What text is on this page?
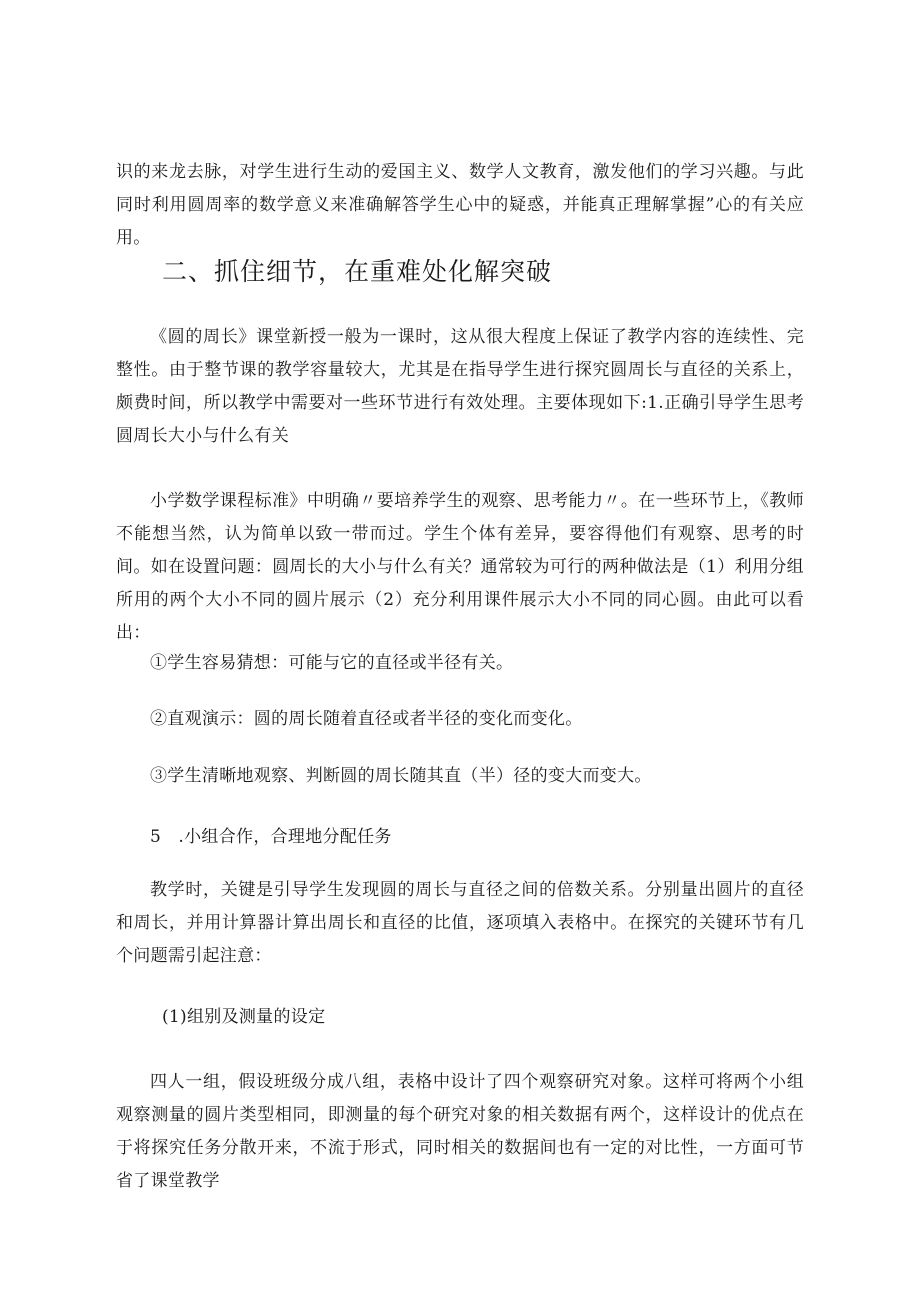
识的来龙去脉，对学生进行生动的爱国主义、数学人文教育，激发他们的学习兴趣。与此同时利用圆周率的数学意义来准确解答学生心中的疑惑，并能真正理解掌握”心的有关应用。

二、抓住细节，在重难处化解突破

《圆的周长》课堂新授一般为一课时，这从很大程度上保证了教学内容的连续性、完整性。由于整节课的教学容量较大，尤其是在指导学生进行探究圆周长与直径的关系上，颇费时间，所以教学中需要对一些环节进行有效处理。主要体现如下:1.正确引导学生思考圆周长大小与什么有关

小学数学课程标准》中明确〃要培养学生的观察、思考能力〃。在一些环节上，《教师不能想当然，认为简单以致一带而过。学生个体有差异，要容得他们有观察、思考的时间。如在设置问题：圆周长的大小与什么有关？通常较为可行的两种做法是（1）利用分组所用的两个大小不同的圆片展示（2）充分利用课件展示大小不同的同心圆。由此可以看出：

①学生容易猜想：可能与它的直径或半径有关。

②直观演示：圆的周长随着直径或者半径的变化而变化。

③学生清晰地观察、判断圆的周长随其直（半）径的变大而变大。

5　.小组合作，合理地分配任务

教学时，关键是引导学生发现圆的周长与直径之间的倍数关系。分别量出圆片的直径和周长，并用计算器计算出周长和直径的比值，逐项填入表格中。在探究的关键环节有几个问题需引起注意：

(1)组别及测量的设定

四人一组，假设班级分成八组，表格中设计了四个观察研究对象。这样可将两个小组观察测量的圆片类型相同，即测量的每个研究对象的相关数据有两个，这样设计的优点在于将探究任务分散开来，不流于形式，同时相关的数据间也有一定的对比性，一方面可节省了课堂教学
